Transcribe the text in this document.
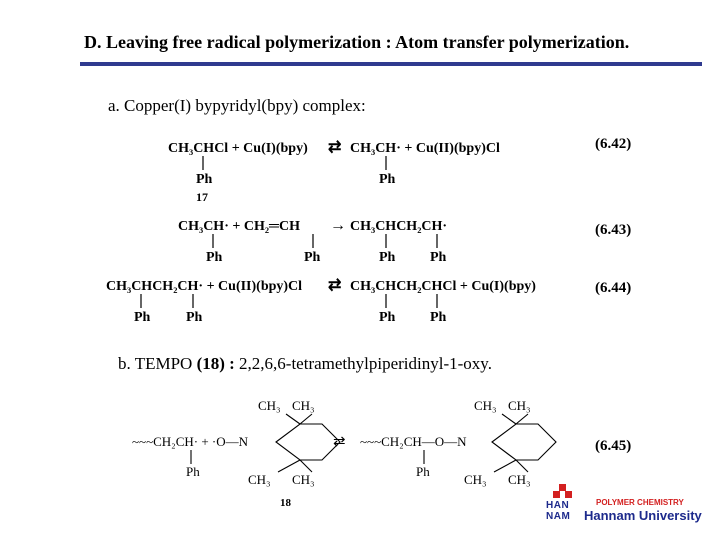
D. Leaving free radical polymerization : Atom transfer polymerization.
a. Copper(I) bypyridyl(bpy) complex:
b. TEMPO (18) : 2,2,6,6-tetramethylpiperidinyl-1-oxy.
(6.42)
(6.43)
(6.44)
(6.45)
CH₃CHCl + Cu(I)(bpy) ⇄ CH₃CH· + Cu(II)(bpy)Cl
Ph	Ph
17
CH₃CH· + CH₂═CH → CH₃CHCH₂CH·
Ph	Ph	Ph Ph
CH₃CHCH₂CH· + Cu(II)(bpy)Cl ⇄ CH₃CHCH₂CHCl + Cu(I)(bpy)
Ph	Ph	Ph Ph
~~~CH₂CH· + ·O—N
Ph
CH₃ CH₃
CH₃ CH₃
18
⇄ ~~~CH₂CH—O—N
Ph
CH₃ CH₃
CH₃ CH₃
HAN
NAM
POLYMER CHEMISTRY
Hannam University
